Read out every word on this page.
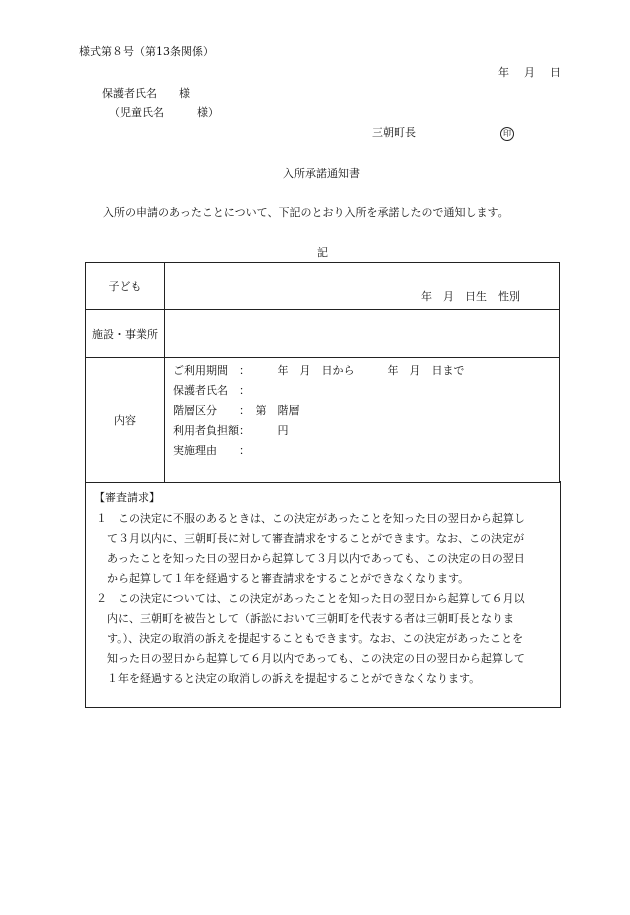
様式第８号（第13条関係）
年　月　日
保護者氏名　　様
（児童氏名　　　様）
三朝町長	印
入所承諾通知書
入所の申請のあったことについて、下記のとおり入所を承諾したので通知します。
記
子ども	年　月　日生　性別

施設・事業所	
内容	ご利用期間　：　　　年　月　日から　　　年　月　日まで
保護者氏名　：
階層区分　　：　第　階層
利用者負担額：　　　円
実施理由　　：
【審査請求】
１　この決定に不服のあるときは、この決定があったことを知った日の翌日から起算し
て３月以内に、三朝町長に対して審査請求をすることができます。なお、この決定が
あったことを知った日の翌日から起算して３月以内であっても、この決定の日の翌日
から起算して１年を経過すると審査請求をすることができなくなります。
２　この決定については、この決定があったことを知った日の翌日から起算して６月以
内に、三朝町を被告として（訴訟において三朝町を代表する者は三朝町長となりま
す。）、決定の取消の訴えを提起することもできます。なお、この決定があったことを
知った日の翌日から起算して６月以内であっても、この決定の日の翌日から起算して
１年を経過すると決定の取消しの訴えを提起することができなくなります。
